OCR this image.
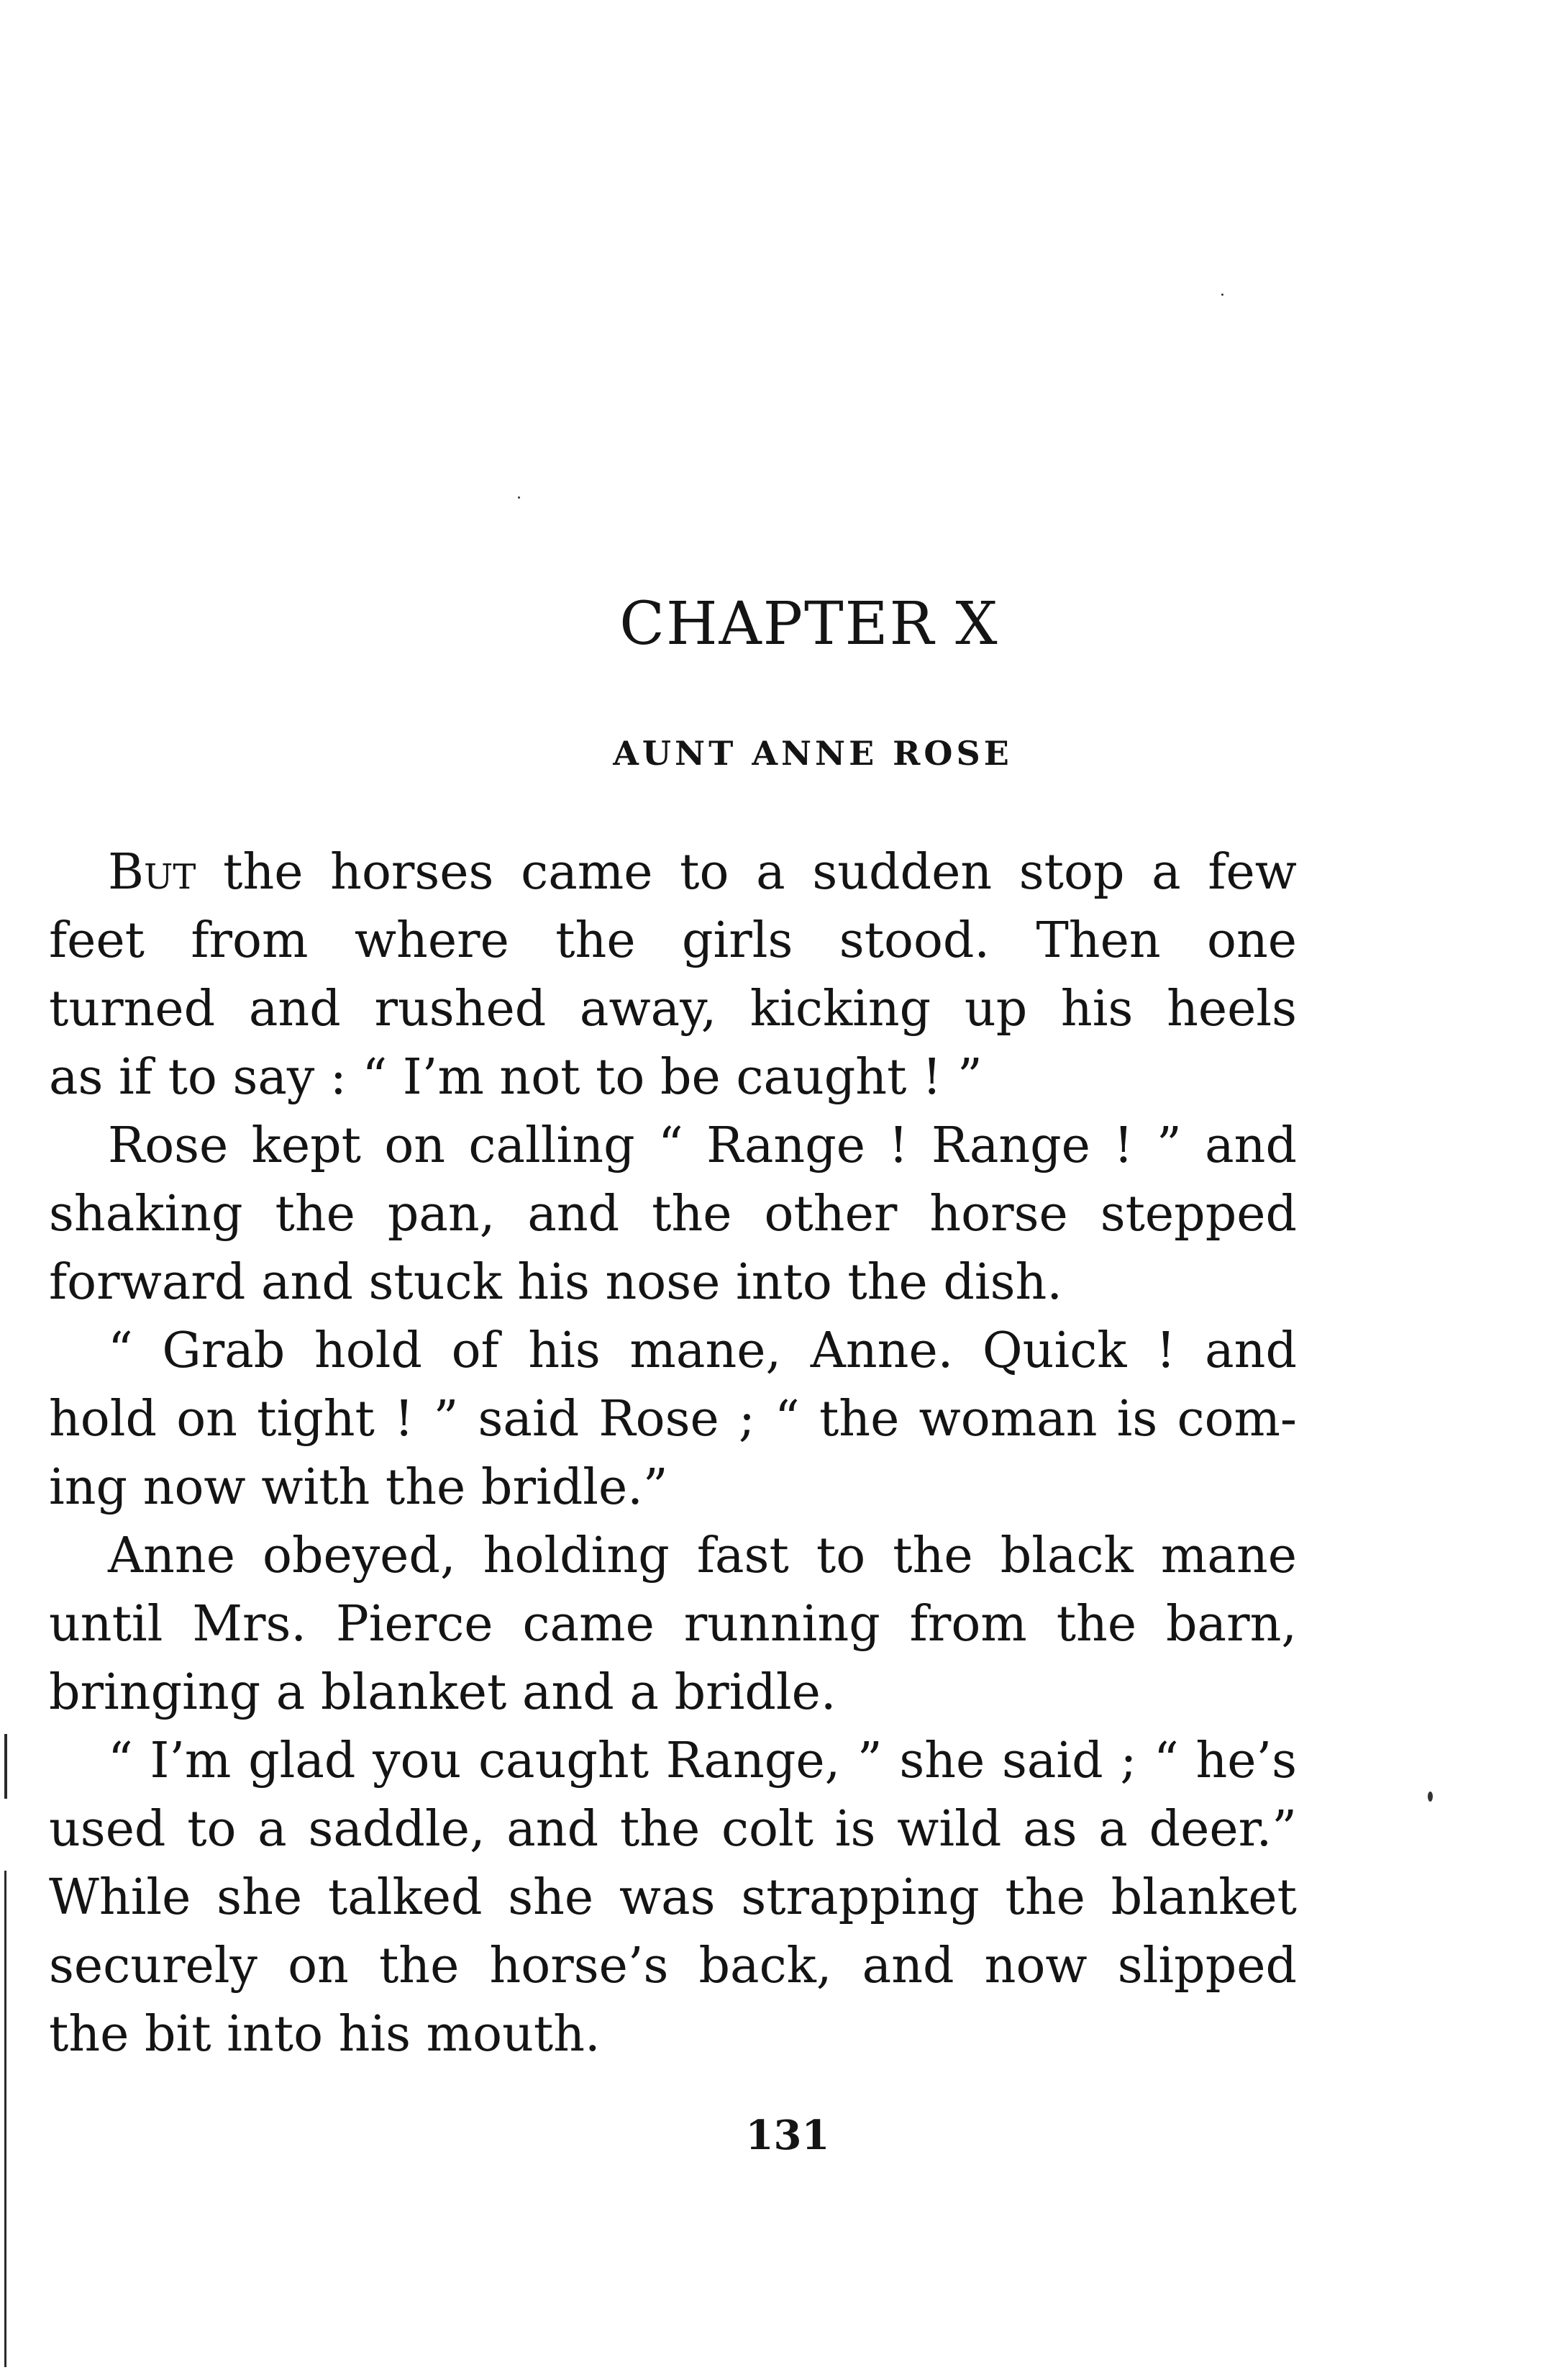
CHAPTER X
AUNT ANNE ROSE
But the horses came to a sudden stop a few
feet from where the girls stood. Then one
turned and rushed away, kicking up his heels
as if to say : “ I’m not to be caught ! ”
Rose kept on calling “ Range ! Range ! ” and
shaking the pan, and the other horse stepped
forward and stuck his nose into the dish.
“ Grab hold of his mane, Anne. Quick ! and
hold on tight ! ” said Rose ; “ the woman is com-
ing now with the bridle.”
Anne obeyed, holding fast to the black mane
until Mrs. Pierce came running from the barn,
bringing a blanket and a bridle.
“ I’m glad you caught Range, ” she said ; “ he’s
used to a saddle, and the colt is wild as a deer.”
While she talked she was strapping the blanket
securely on the horse’s back, and now slipped
the bit into his mouth.
131
